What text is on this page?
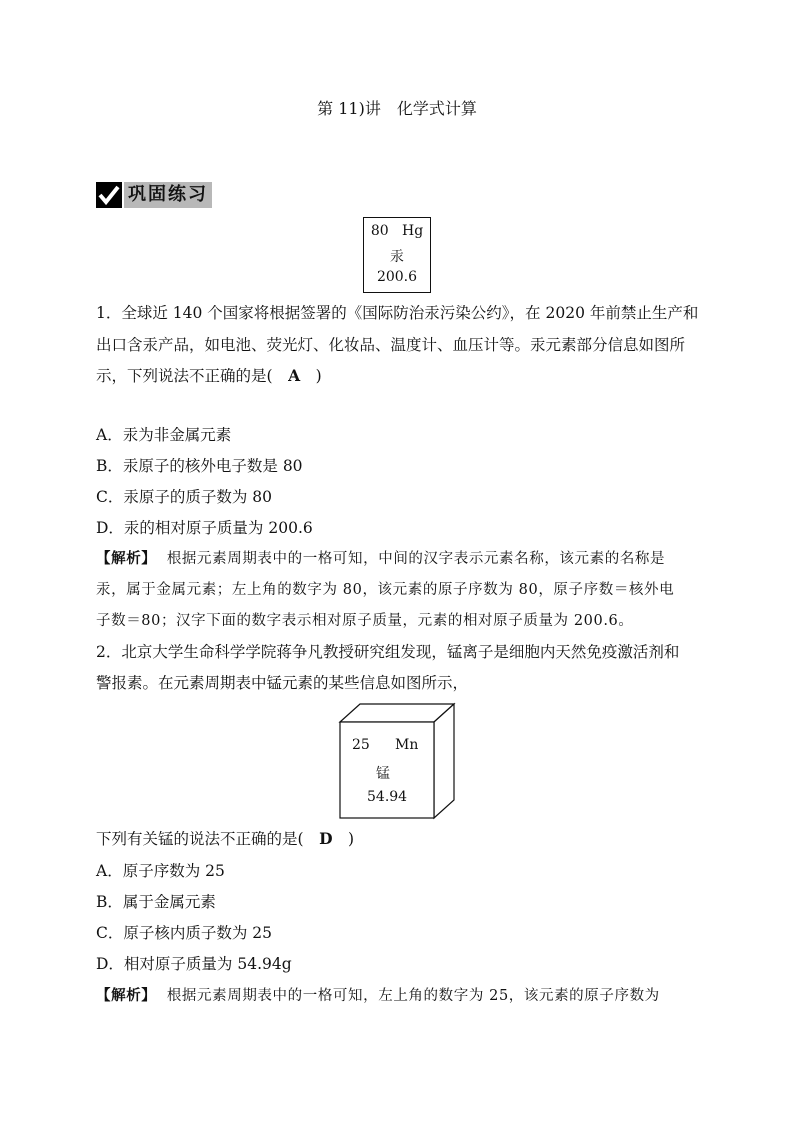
第 11)讲　化学式计算
巩固练习
80 Hg
汞
200.6
1．全球近 140 个国家将根据签署的《国际防治汞污染公约》，在 2020 年前禁止生产和
出口含汞产品，如电池、荧光灯、化妆品、温度计、血压计等。汞元素部分信息如图所
示，下列说法不正确的是(　A　)
A．汞为非金属元素
B．汞原子的核外电子数是 80
C．汞原子的质子数为 80
D．汞的相对原子质量为 200.6
【解析】 根据元素周期表中的一格可知，中间的汉字表示元素名称，该元素的名称是
汞，属于金属元素；左上角的数字为 80，该元素的原子序数为 80，原子序数＝核外电
子数＝80；汉字下面的数字表示相对原子质量，元素的相对原子质量为 200.6。
2．北京大学生命科学学院蒋争凡教授研究组发现，锰离子是细胞内天然免疫激活剂和
警报素。在元素周期表中锰元素的某些信息如图所示，
25 Mn
锰
54.94
下列有关锰的说法不正确的是(　D　)
A．原子序数为 25
B．属于金属元素
C．原子核内质子数为 25
D．相对原子质量为 54.94g
【解析】 根据元素周期表中的一格可知，左上角的数字为 25，该元素的原子序数为
